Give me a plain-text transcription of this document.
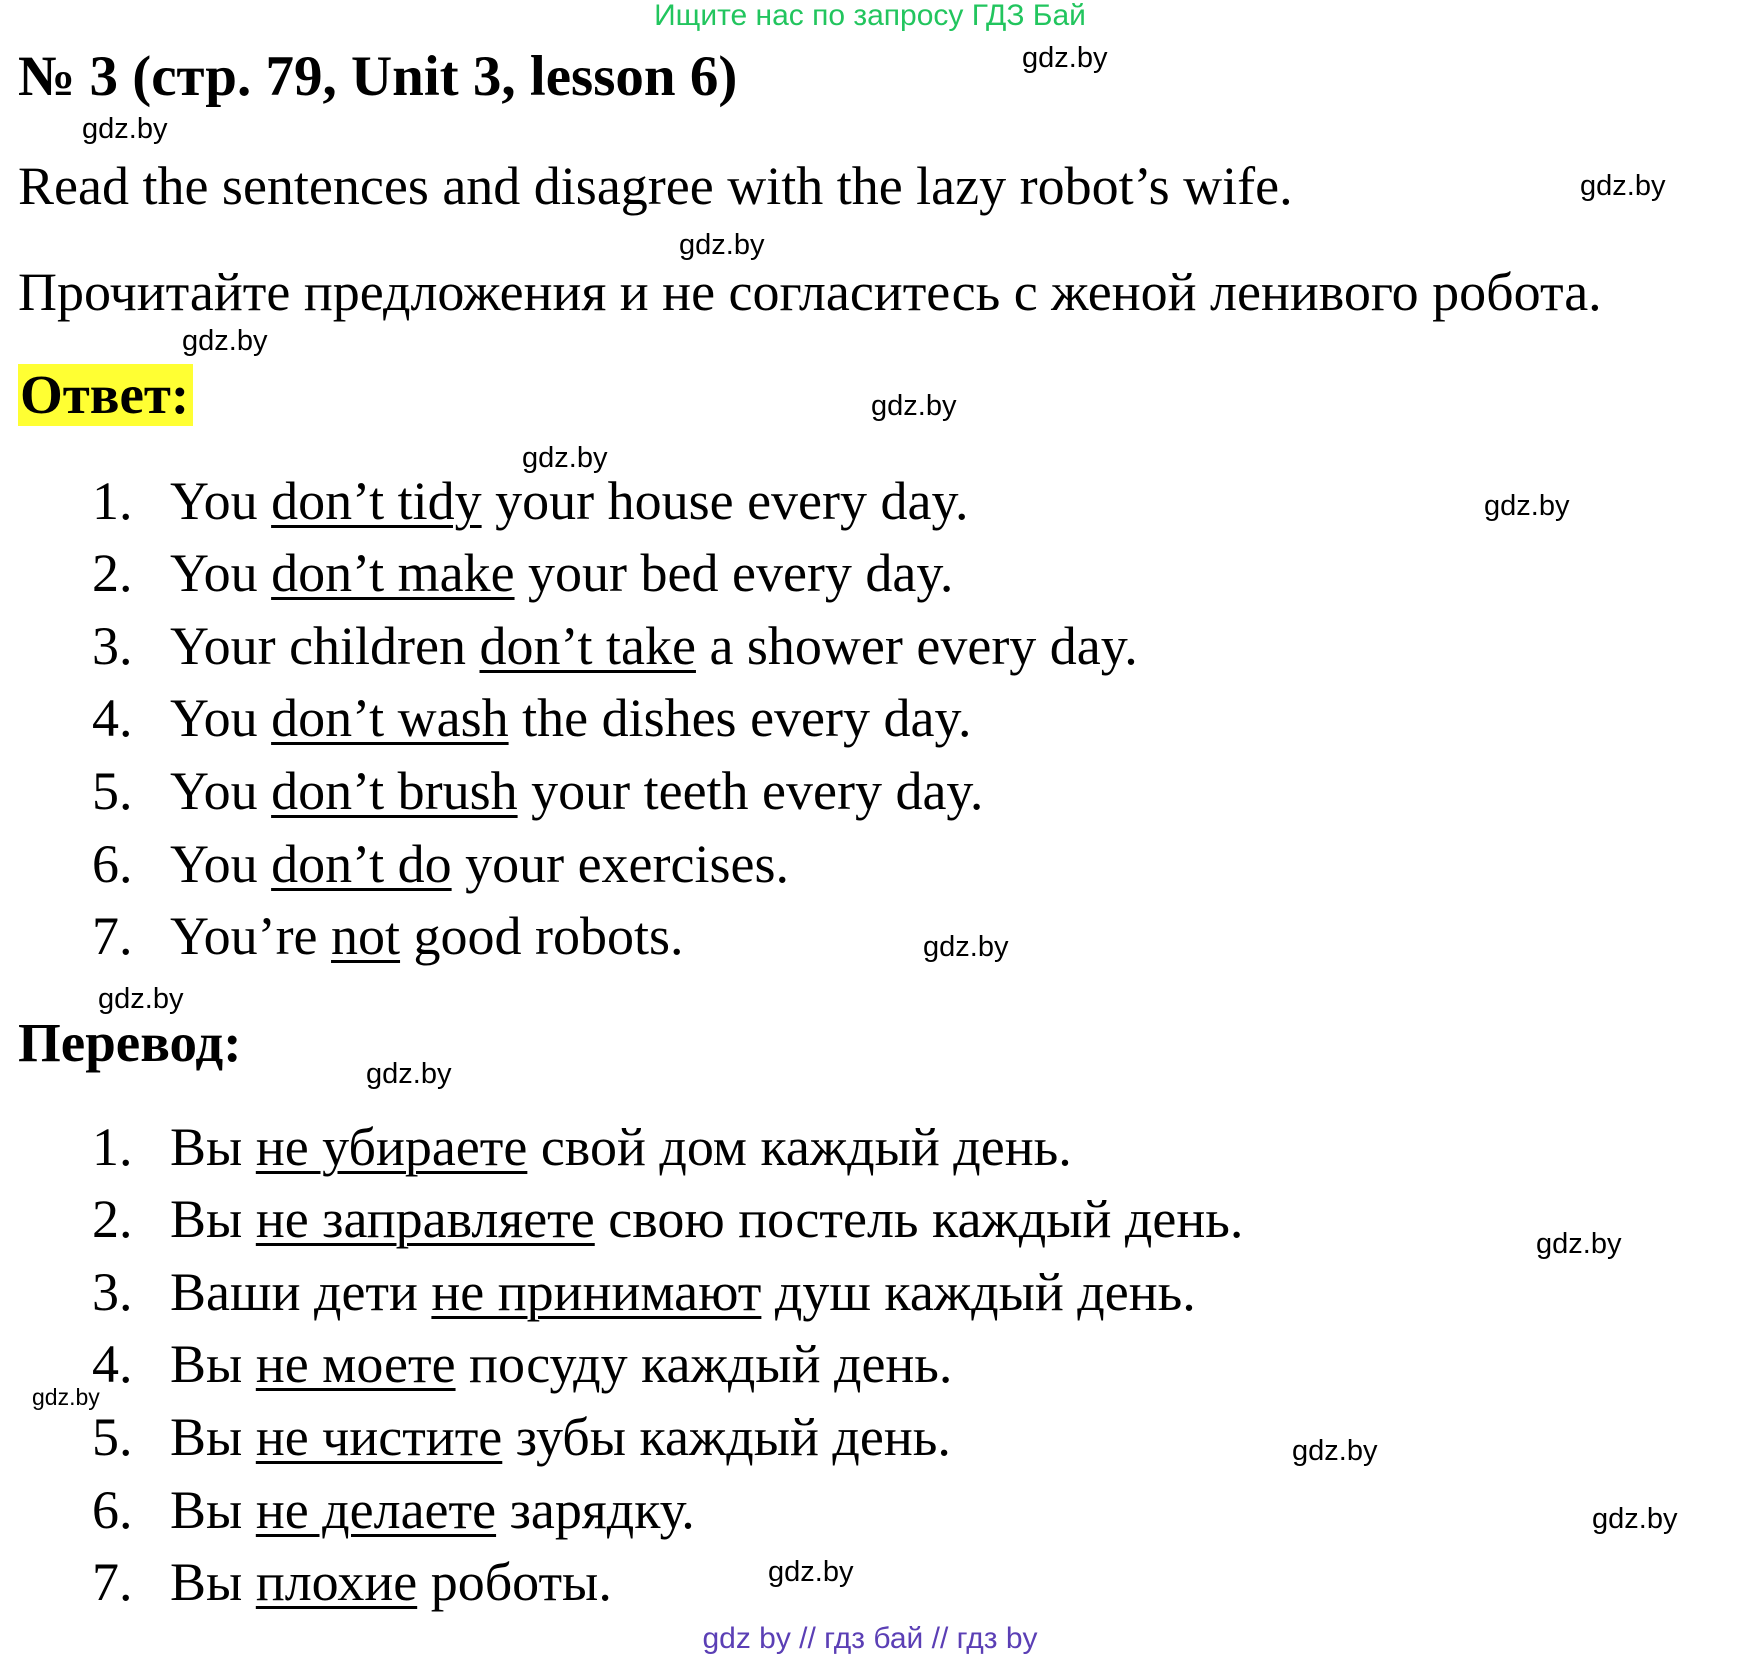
Ищите нас по запросу ГДЗ Бай
№ 3 (стр. 79, Unit 3, lesson 6)
Read the sentences and disagree with the lazy robot’s wife.
Прочитайте предложения и не согласитесь с женой ленивого робота.
Ответ:
1. You don’t tidy your house every day.
2. You don’t make your bed every day.
3. Your children don’t take a shower every day.
4. You don’t wash the dishes every day.
5. You don’t brush your teeth every day.
6. You don’t do your exercises.
7. You’re not good robots.
Перевод:
1. Вы не убираете свой дом каждый день.
2. Вы не заправляете свою постель каждый день.
3. Ваши дети не принимают душ каждый день.
4. Вы не моете посуду каждый день.
5. Вы не чистите зубы каждый день.
6. Вы не делаете зарядку.
7. Вы плохие роботы.
gdz.by
gdz.by
gdz.by
gdz.by
gdz.by
gdz.by
gdz.by
gdz.by
gdz.by
gdz.by
gdz.by
gdz.by
gdz.by
gdz.by
gdz.by
gdz.by
gdz by // гдз бай // гдз by
